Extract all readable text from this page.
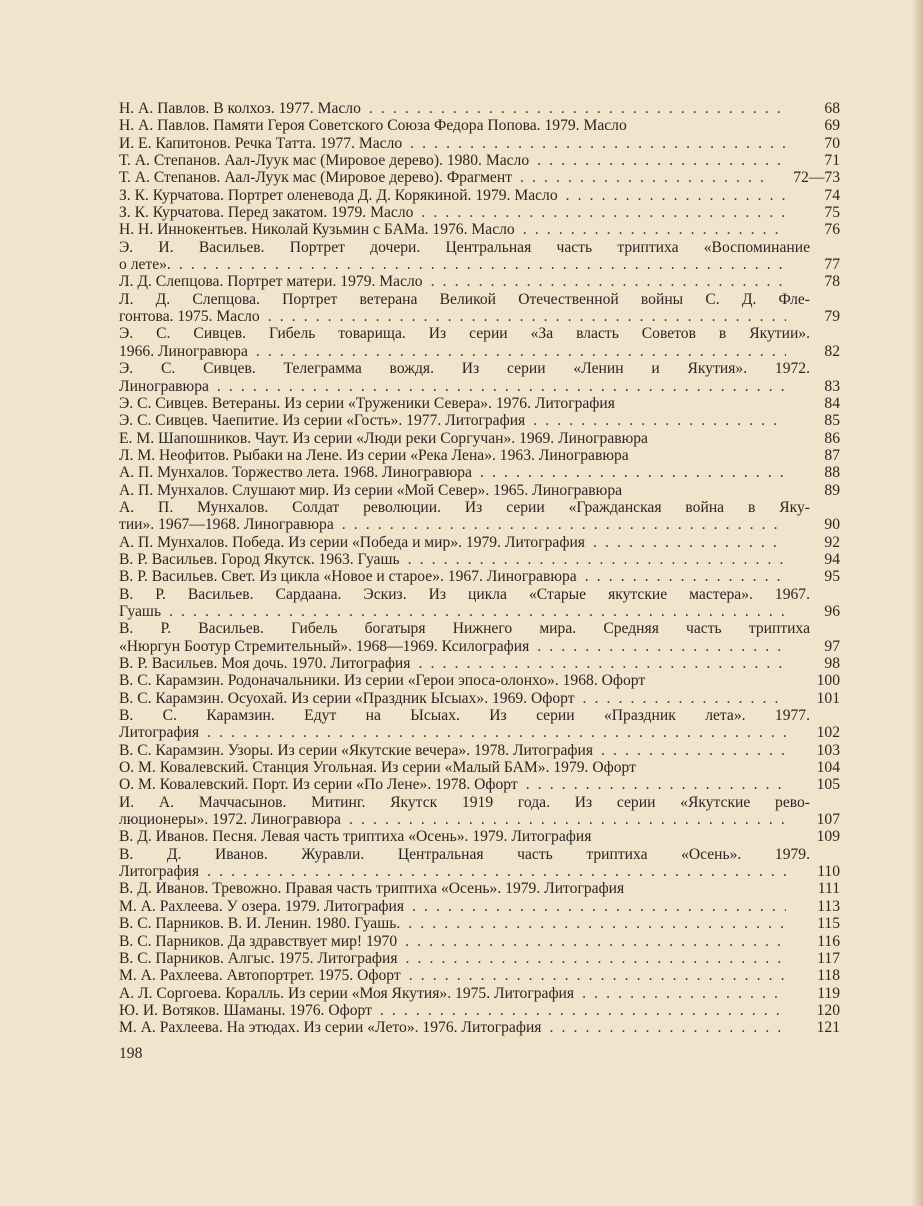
Н. А. Павлов. В колхоз. 1977. Масло . . .	68
Н. А. Павлов. Памяти Героя Советского Союза Федора Попова. 1979. Масло	69
И. Е. Капитонов. Речка Татта. 1977. Масло . . .	70
Т. А. Степанов. Аал-Луук мас (Мировое дерево). 1980. Масло . . .	71
Т. А. Степанов. Аал-Луук мас (Мировое дерево). Фрагмент . . .	72—73
З. К. Курчатова. Портрет оленевода Д. Д. Корякиной. 1979. Масло . . .	74
З. К. Курчатова. Перед закатом. 1979. Масло . . .	75
Н. Н. Иннокентьев. Николай Кузьмин с БАМа. 1976. Масло . . .	76
Э. И. Васильев. Портрет дочери. Центральная часть триптиха «Воспоминание
о лете». . . .	77
Л. Д. Слепцова. Портрет матери. 1979. Масло . . .	78
Л. Д. Слепцова. Портрет ветерана Великой Отечественной войны С. Д. Фле-
гонтова. 1975. Масло . . .	79
Э. С. Сивцев. Гибель товарища. Из серии «За власть Советов в Якутии».
1966. Линогравюра . . .	82
Э. С. Сивцев. Телеграмма вождя. Из серии «Ленин и Якутия». 1972.
Линогравюра . . .	83
Э. С. Сивцев. Ветераны. Из серии «Труженики Севера». 1976. Литография	84
Э. С. Сивцев. Чаепитие. Из серии «Гость». 1977. Литография . . .	85
Е. М. Шапошников. Чаут. Из серии «Люди реки Соргучан». 1969. Линогравюра	86
Л. М. Неофитов. Рыбаки на Лене. Из серии «Река Лена». 1963. Линогравюра	87
А. П. Мунхалов. Торжество лета. 1968. Линогравюра . . .	88
А. П. Мунхалов. Слушают мир. Из серии «Мой Север». 1965. Линогравюра	89
А. П. Мунхалов. Солдат революции. Из серии «Гражданская война в Яку-
тии». 1967—1968. Линогравюра . . .	90
А. П. Мунхалов. Победа. Из серии «Победа и мир». 1979. Литография . . .	92
В. Р. Васильев. Город Якутск. 1963. Гуашь . . .	94
В. Р. Васильев. Свет. Из цикла «Новое и старое». 1967. Линогравюра . . .	95
В. Р. Васильев. Сардаана. Эскиз. Из цикла «Старые якутские мастера». 1967.
Гуашь . . .	96
В. Р. Васильев. Гибель богатыря Нижнего мира. Средняя часть триптиха
«Нюргун Боотур Стремительный». 1968—1969. Ксилография . . .	97
В. Р. Васильев. Моя дочь. 1970. Литография . . .	98
В. С. Карамзин. Родоначальники. Из серии «Герои эпоса-олонхо». 1968. Офорт	100
В. С. Карамзин. Осуохай. Из серии «Праздник Ысыах». 1969. Офорт . . .	101
В. С. Карамзин. Едут на Ысыах. Из серии «Праздник лета». 1977.
Литография . . .	102
В. С. Карамзин. Узоры. Из серии «Якутские вечера». 1978. Литография . . .	103
О. М. Ковалевский. Станция Угольная. Из серии «Малый БАМ». 1979. Офорт	104
О. М. Ковалевский. Порт. Из серии «По Лене». 1978. Офорт . . .	105
И. А. Маччасынов. Митинг. Якутск 1919 года. Из серии «Якутские рево-
люционеры». 1972. Линогравюра . . .	107
В. Д. Иванов. Песня. Левая часть триптиха «Осень». 1979. Литография	109
В. Д. Иванов. Журавли. Центральная часть триптиха «Осень». 1979.
Литография . . .	110
В. Д. Иванов. Тревожно. Правая часть триптиха «Осень». 1979. Литография	111
М. А. Рахлеева. У озера. 1979. Литография . . .	113
В. С. Парников. В. И. Ленин. 1980. Гуашь. . . .	115
В. С. Парников. Да здравствует мир! 1970 . . .	116
В. С. Парников. Алгыс. 1975. Литография . . .	117
М. А. Рахлеева. Автопортрет. 1975. Офорт . . .	118
А. Л. Соргоева. Коралль. Из серии «Моя Якутия». 1975. Литография . . .	119
Ю. И. Вотяков. Шаманы. 1976. Офорт . . .	120
М. А. Рахлеева. На этюдах. Из серии «Лето». 1976. Литография . . .	121
198
